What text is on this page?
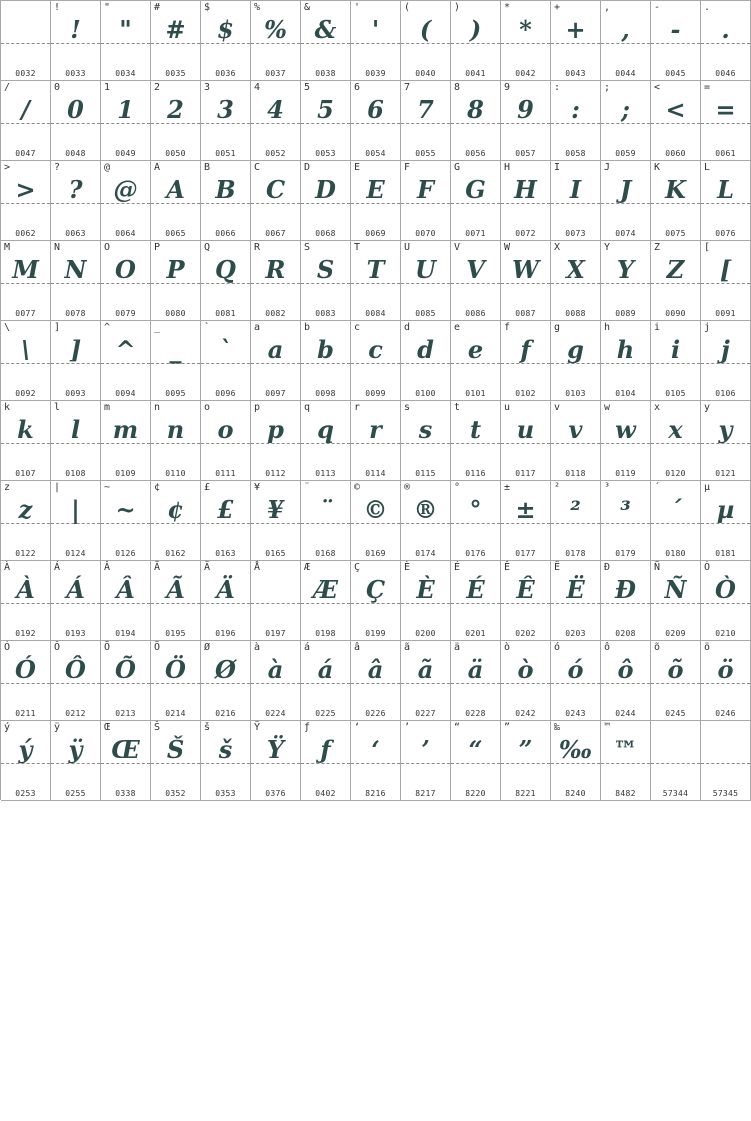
0032
!
!
0033
"
"
0034
#
#
0035
$
$
0036
%
%
0037
&
&
0038
'
'
0039
(
(
0040
)
)
0041
*
*
0042
+
+
0043
,
,
0044
-
-
0045
.
.
0046
/
/
0047
0
0
0048
1
1
0049
2
2
0050
3
3
0051
4
4
0052
5
5
0053
6
6
0054
7
7
0055
8
8
0056
9
9
0057
:
:
0058
;
;
0059
<
<
0060
=
=
0061
>
>
0062
?
?
0063
@
@
0064
A
A
0065
B
B
0066
C
C
0067
D
D
0068
E
E
0069
F
F
0070
G
G
0071
H
H
0072
I
I
0073
J
J
0074
K
K
0075
L
L
0076
M
M
0077
N
N
0078
O
O
0079
P
P
0080
Q
Q
0081
R
R
0082
S
S
0083
T
T
0084
U
U
0085
V
V
0086
W
W
0087
X
X
0088
Y
Y
0089
Z
Z
0090
[
[
0091
\
\
0092
]
]
0093
^
^
0094
_
_
0095
`
`
0096
a
a
0097
b
b
0098
c
c
0099
d
d
0100
e
e
0101
f
f
0102
g
g
0103
h
h
0104
i
i
0105
j
j
0106
k
k
0107
l
l
0108
m
m
0109
n
n
0110
o
o
0111
p
p
0112
q
q
0113
r
r
0114
s
s
0115
t
t
0116
u
u
0117
v
v
0118
w
w
0119
x
x
0120
y
y
0121
z
z
0122
|
|
0124
~
~
0126
¢
¢
0162
£
£
0163
¥
¥
0165
¨
¨
0168
©
©
0169
®
®
0174
°
°
0176
±
±
0177
²
²
0178
³
³
0179
´
´
0180
µ
µ
0181
À
À
0192
Á
Á
0193
Â
Â
0194
Ã
Ã
0195
Ä
Ä
0196
Å
0197
Æ
Æ
0198
Ç
Ç
0199
È
È
0200
É
É
0201
Ê
Ê
0202
Ë
Ë
0203
Ð
Ð
0208
Ñ
Ñ
0209
Ò
Ò
0210
Ó
Ó
0211
Ô
Ô
0212
Õ
Õ
0213
Ö
Ö
0214
Ø
Ø
0216
à
à
0224
á
á
0225
â
â
0226
ã
ã
0227
ä
ä
0228
ò
ò
0242
ó
ó
0243
ô
ô
0244
õ
õ
0245
ö
ö
0246
ý
ý
0253
ÿ
ÿ
0255
Œ
Œ
0338
Š
Š
0352
š
š
0353
Ÿ
Ÿ
0376
ƒ
ƒ
0402
‘
‘
8216
’
’
8217
“
“
8220
”
”
8221
‰
‰
8240
™
™
8482	57344	57345
